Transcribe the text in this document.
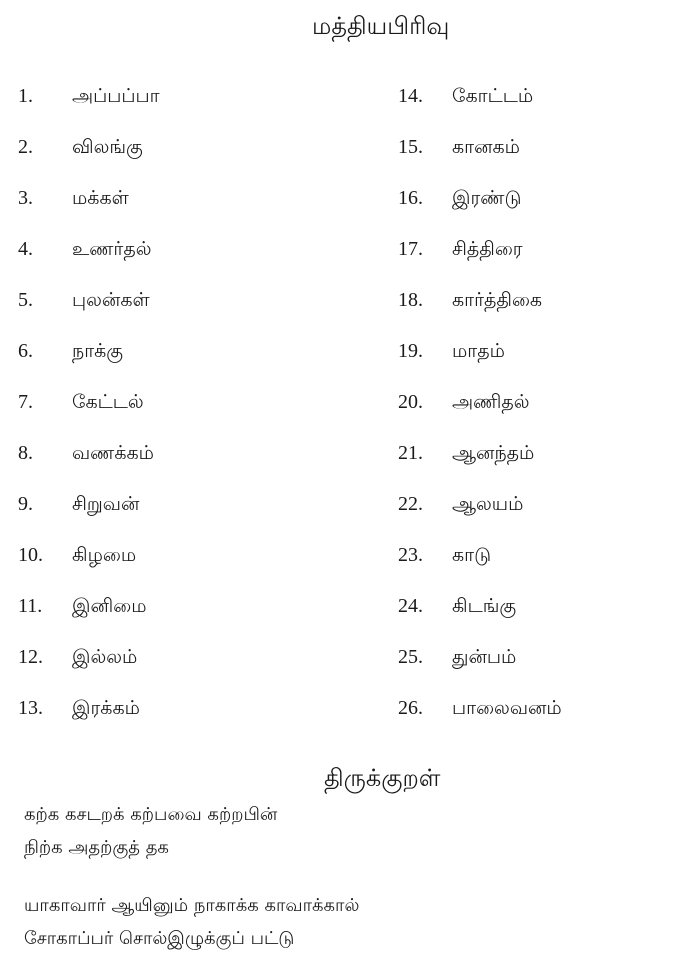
மத்தியபிரிவு
1. அப்பப்பா
2. விலங்கு
3. மக்கள்
4. உணர்தல்
5. புலன்கள்
6. நாக்கு
7. கேட்டல்
8. வணக்கம்
9. சிறுவன்
10. கிழமை
11. இனிமை
12. இல்லம்
13. இரக்கம்
14. கோட்டம்
15. கானகம்
16. இரண்டு
17. சித்திரை
18. கார்த்திகை
19. மாதம்
20. அணிதல்
21. ஆனந்தம்
22. ஆலயம்
23. காடு
24. கிடங்கு
25. துன்பம்
26. பாலைவனம்
திருக்குறள்
கற்க கசடறக் கற்பவை கற்றபின்
நிற்க அதற்குத் தக
யாகாவார் ஆயினும் நாகாக்க காவாக்கால்
சோகாப்பர் சொல்இழுக்குப் பட்டு
